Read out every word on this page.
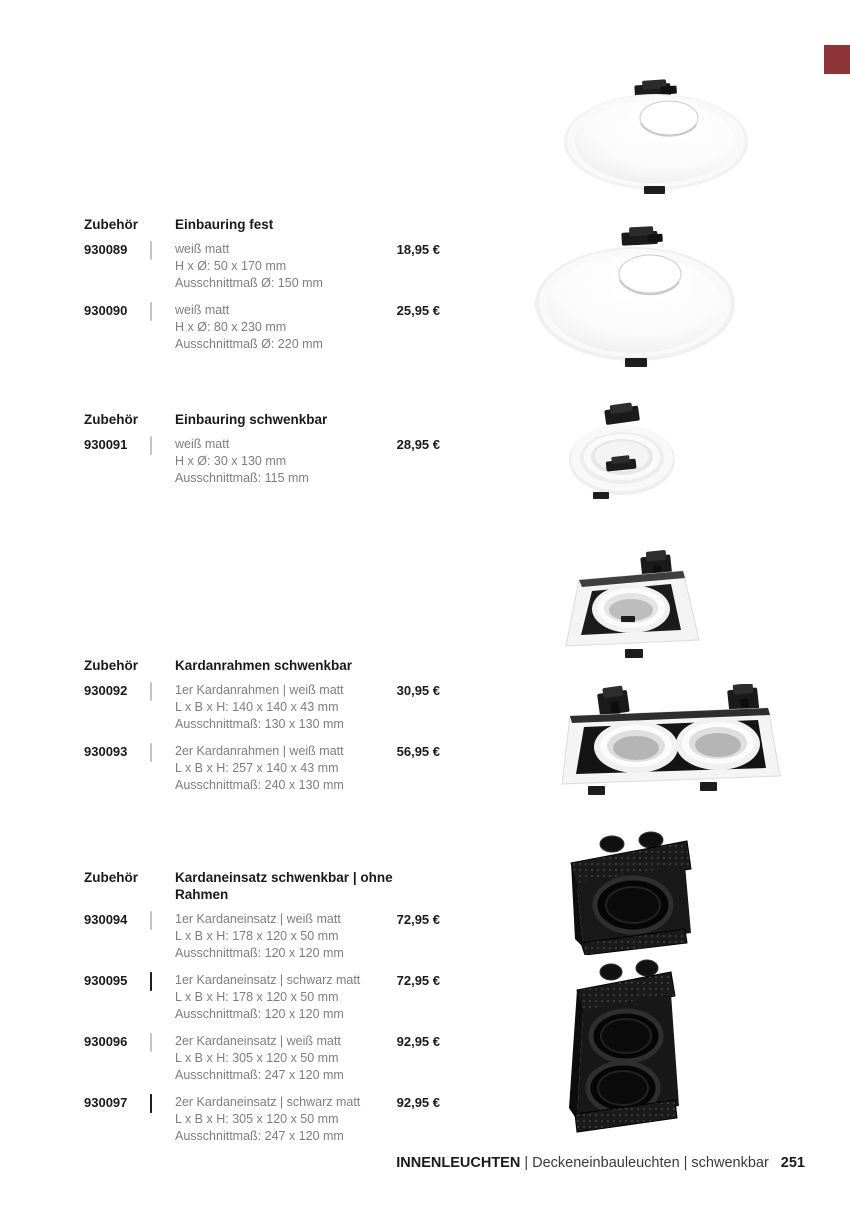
Zubehör	Einbauring fest
930089	weiß matt
H x Ø: 50 x 170 mm
Ausschnittmaß Ø: 150 mm
18,95 €
930090	weiß matt
H x Ø: 80 x 230 mm
Ausschnittmaß Ø: 220 mm
25,95 €
Zubehör	Einbauring schwenkbar
930091	weiß matt
H x Ø: 30 x 130 mm
Ausschnittmaß: 115 mm
28,95 €
Zubehör	Kardanrahmen schwenkbar
930092	1er Kardanrahmen | weiß matt
L x B x H: 140 x 140 x 43 mm
Ausschnittmaß: 130 x 130 mm
30,95 €
930093	2er Kardanrahmen | weiß matt
L x B x H: 257 x 140 x 43 mm
Ausschnittmaß: 240 x 130 mm
56,95 €
Zubehör	Kardaneinsatz schwenkbar | ohne Rahmen
930094	1er Kardaneinsatz | weiß matt
L x B x H: 178 x 120 x 50 mm
Ausschnittmaß: 120 x 120 mm
72,95 €
930095	1er Kardaneinsatz | schwarz matt
L x B x H: 178 x 120 x 50 mm
Ausschnittmaß: 120 x 120 mm
72,95 €
930096	2er Kardaneinsatz | weiß matt
L x B x H: 305 x 120 x 50 mm
Ausschnittmaß: 247 x 120 mm
92,95 €
930097	2er Kardaneinsatz | schwarz matt
L x B x H: 305 x 120 x 50 mm
Ausschnittmaß: 247 x 120 mm
92,95 €
INNENLEUCHTEN | Deckeneinbauleuchten | schwenkbar 251
